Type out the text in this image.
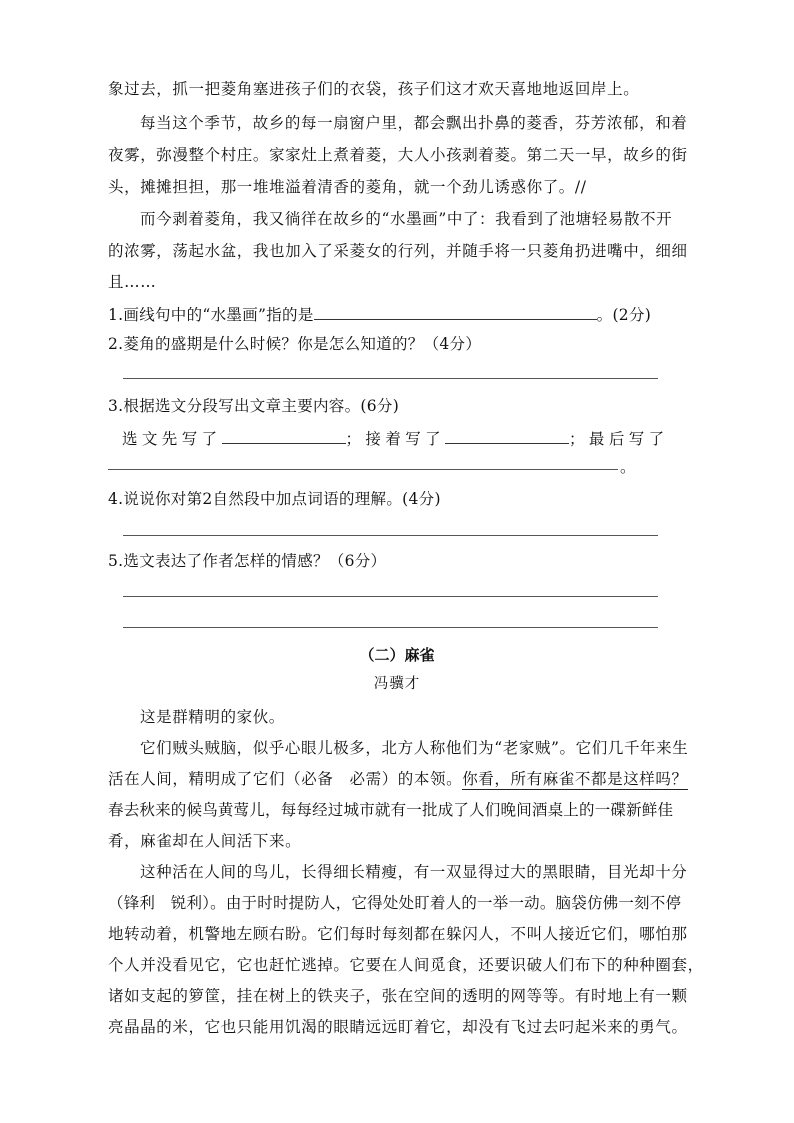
象过去，抓一把菱角塞进孩子们的衣袋，孩子们这才欢天喜地地返回岸上。
每当这个季节，故乡的每一扇窗户里，都会飘出扑鼻的菱香，芬芳浓郁，和着
夜雾，弥漫整个村庄。家家灶上煮着菱，大人小孩剥着菱。第二天一早，故乡的街
头，摊摊担担，那一堆堆溢着清香的菱角，就一个劲儿诱惑你了。//
而今剥着菱角，我又徜徉在故乡的“水墨画”中了：我看到了池塘轻易散不开
的浓雾，荡起水盆，我也加入了采菱女的行列，并随手将一只菱角扔进嘴中，细细
且……
1.画线句中的“水墨画”指的是	。(2分)
2.菱角的盛期是什么时候？你是怎么知道的？（4分）
3.根据选文分段写出文章主要内容。(6分)
选文先写了	；接着写了	；最后写了
。
4.说说你对第2自然段中加点词语的理解。(4分)
5.选文表达了作者怎样的情感？（6分）
（二）麻雀
冯骥才
这是群精明的家伙。
它们贼头贼脑，似乎心眼儿极多，北方人称他们为“老家贼”。它们几千年来生
活在人间，精明成了它们（必备　必需）的本领。你看，所有麻雀不都是这样吗？
春去秋来的候鸟黄莺儿，每每经过城市就有一批成了人们晚间酒桌上的一碟新鲜佳
肴，麻雀却在人间活下来。
这种活在人间的鸟儿，长得细长精瘦，有一双显得过大的黑眼睛，目光却十分
（锋利　锐利）。由于时时提防人，它得处处盯着人的一举一动。脑袋仿佛一刻不停
地转动着，机警地左顾右盼。它们每时每刻都在躲闪人，不叫人接近它们，哪怕那
个人并没看见它，它也赶忙逃掉。它要在人间觅食，还要识破人们布下的种种圈套，
诸如支起的箩筐，挂在树上的铁夹子，张在空间的透明的网等等。有时地上有一颗
亮晶晶的米，它也只能用饥渴的眼睛远远盯着它，却没有飞过去叼起米来的勇气。
